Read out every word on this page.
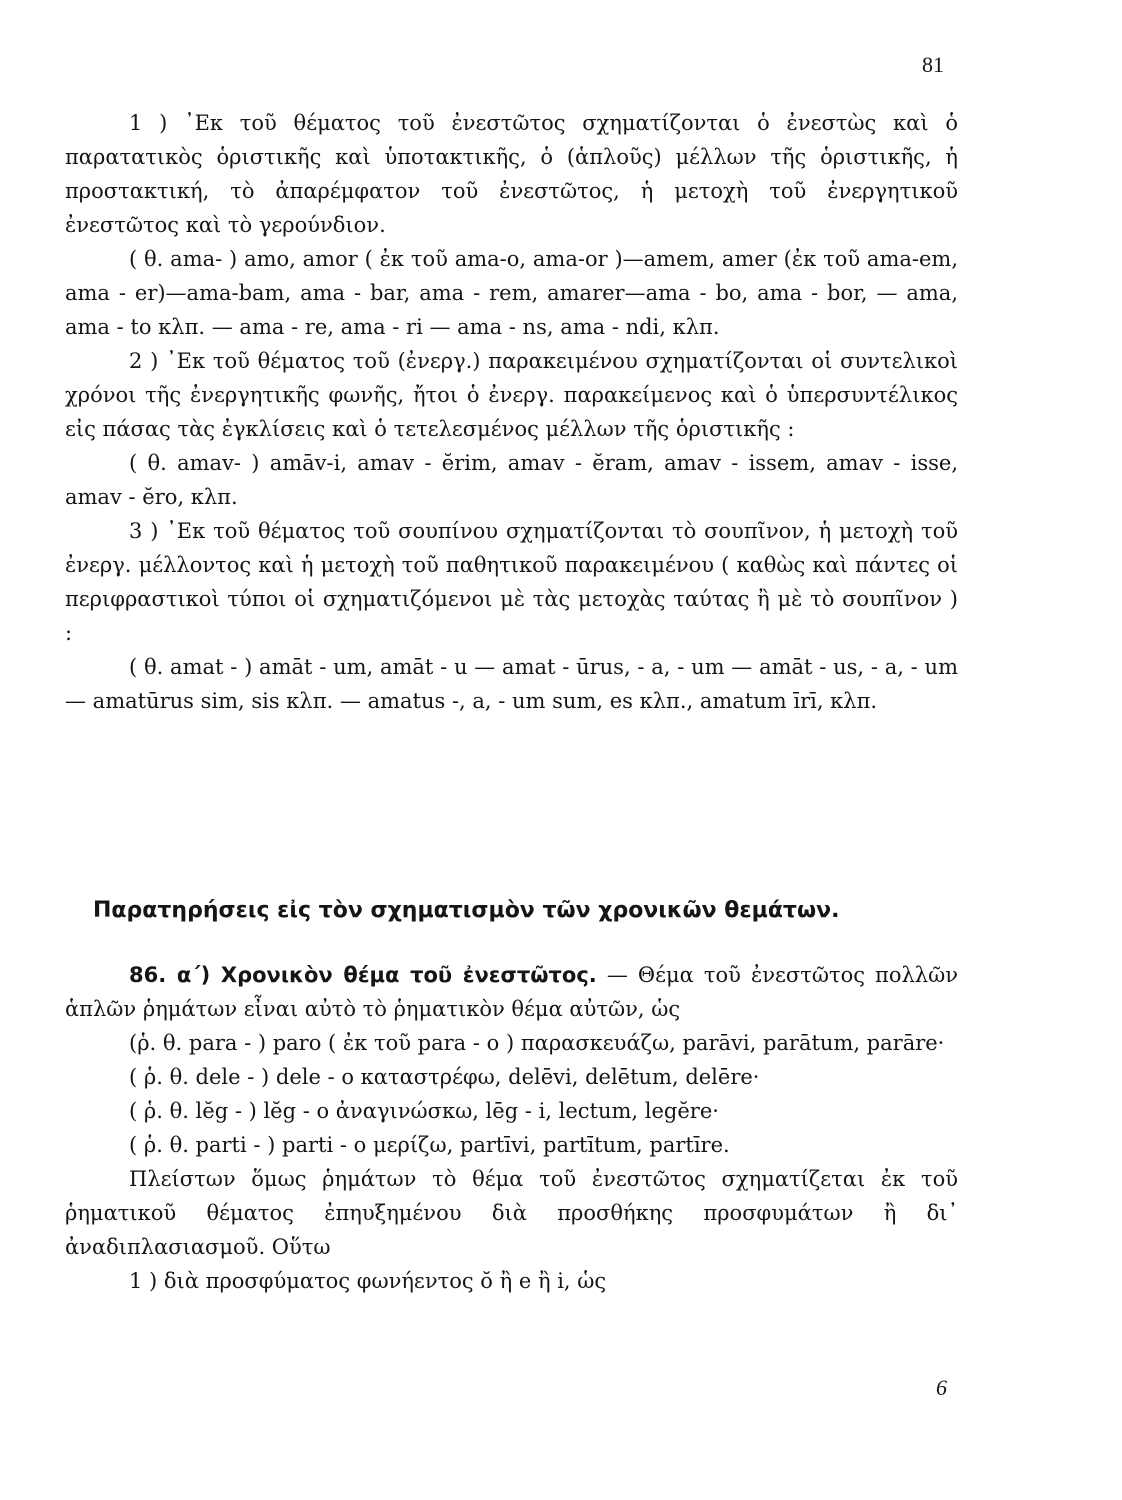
81

1 ) ᾿Εκ τοῦ θέματος τοῦ ἐνεστῶτος σχηματίζονται ὁ ἐνεστὼς καὶ ὁ παρατατικὸς ὁριστικῆς καὶ ὑποτακτικῆς, ὁ (ἁπλοῦς) μέλλων τῆς ὁριστικῆς, ἡ προστακτική, τὸ ἀπαρέμφατον τοῦ ἐνεστῶτος, ἡ μετοχὴ τοῦ ἐνεργητικοῦ ἐνεστῶτος καὶ τὸ γερούνδιον.

( θ. ama- ) amo, amor ( ἐκ τοῦ ama-o, ama-or )—amem, amer (ἐκ τοῦ ama-em, ama - er)—ama-bam, ama - bar, ama - rem, amarer—ama - bo, ama - bor, — ama, ama - to κλπ. — ama - re, ama - ri — ama - ns, ama - ndi, κλπ.

2 ) ᾿Εκ τοῦ θέματος τοῦ (ἐνεργ.) παρακειμένου σχηματίζονται οἱ συντελικοὶ χρόνοι τῆς ἐνεργητικῆς φωνῆς, ἤτοι ὁ ἐνεργ. παρακείμενος καὶ ὁ ὑπερσυντέλικος εἰς πάσας τὰς ἐγκλίσεις καὶ ὁ τετελεσμένος μέλλων τῆς ὁριστικῆς :

( θ. amav- ) amāv-i, amav - ĕrim, amav - ĕram, amav - issem, amav - isse, amav - ĕro, κλπ.

3 ) ᾿Εκ τοῦ θέματος τοῦ σουπίνου σχηματίζονται τὸ σουπῖνον, ἡ μετοχὴ τοῦ ἐνεργ. μέλλοντος καὶ ἡ μετοχὴ τοῦ παθητικοῦ παρακειμένου ( καθὼς καὶ πάντες οἱ περιφραστικοὶ τύποι οἱ σχηματιζόμενοι μὲ τὰς μετοχὰς ταύτας ἢ μὲ τὸ σουπῖνον ) :

( θ. amat - ) amāt - um, amāt - u — amat - ūrus, - a, - um — amāt - us, - a, - um — amatūrus sim, sis κλπ. — amatus -, a, - um sum, es κλπ., amatum īrī, κλπ.

Παρατηρήσεις εἰς τὸν σχηματισμὸν τῶν χρονικῶν θεμάτων.

86. α΄) Χρονικὸν θέμα τοῦ ἐνεστῶτος. — Θέμα τοῦ ἐνεστῶτος πολλῶν ἁπλῶν ῥημάτων εἶναι αὐτὸ τὸ ῥηματικὸν θέμα αὐτῶν, ὡς

(ῥ. θ. para - ) paro ( ἐκ τοῦ para - o ) παρασκευάζω, parāvi, parātum, parāre·

( ῥ. θ. dele - ) dele - o καταστρέφω, delēvi, delētum, delēre·

( ῥ. θ. lĕg - ) lĕg - o ἀναγινώσκω, lēg - i, lectum, legĕre·

( ῥ. θ. parti - ) parti - o μερίζω, partīvi, partītum, partīre.

Πλείστων ὅμως ῥημάτων τὸ θέμα τοῦ ἐνεστῶτος σχηματίζεται ἐκ τοῦ ῥηματικοῦ θέματος ἐπηυξημένου διὰ προσθήκης προσφυμάτων ἢ δι᾿ ἀναδιπλασιασμοῦ. Οὕτω

1 ) διὰ προσφύματος φωνήεντος ŏ ἢ e ἢ i, ὡς

6
